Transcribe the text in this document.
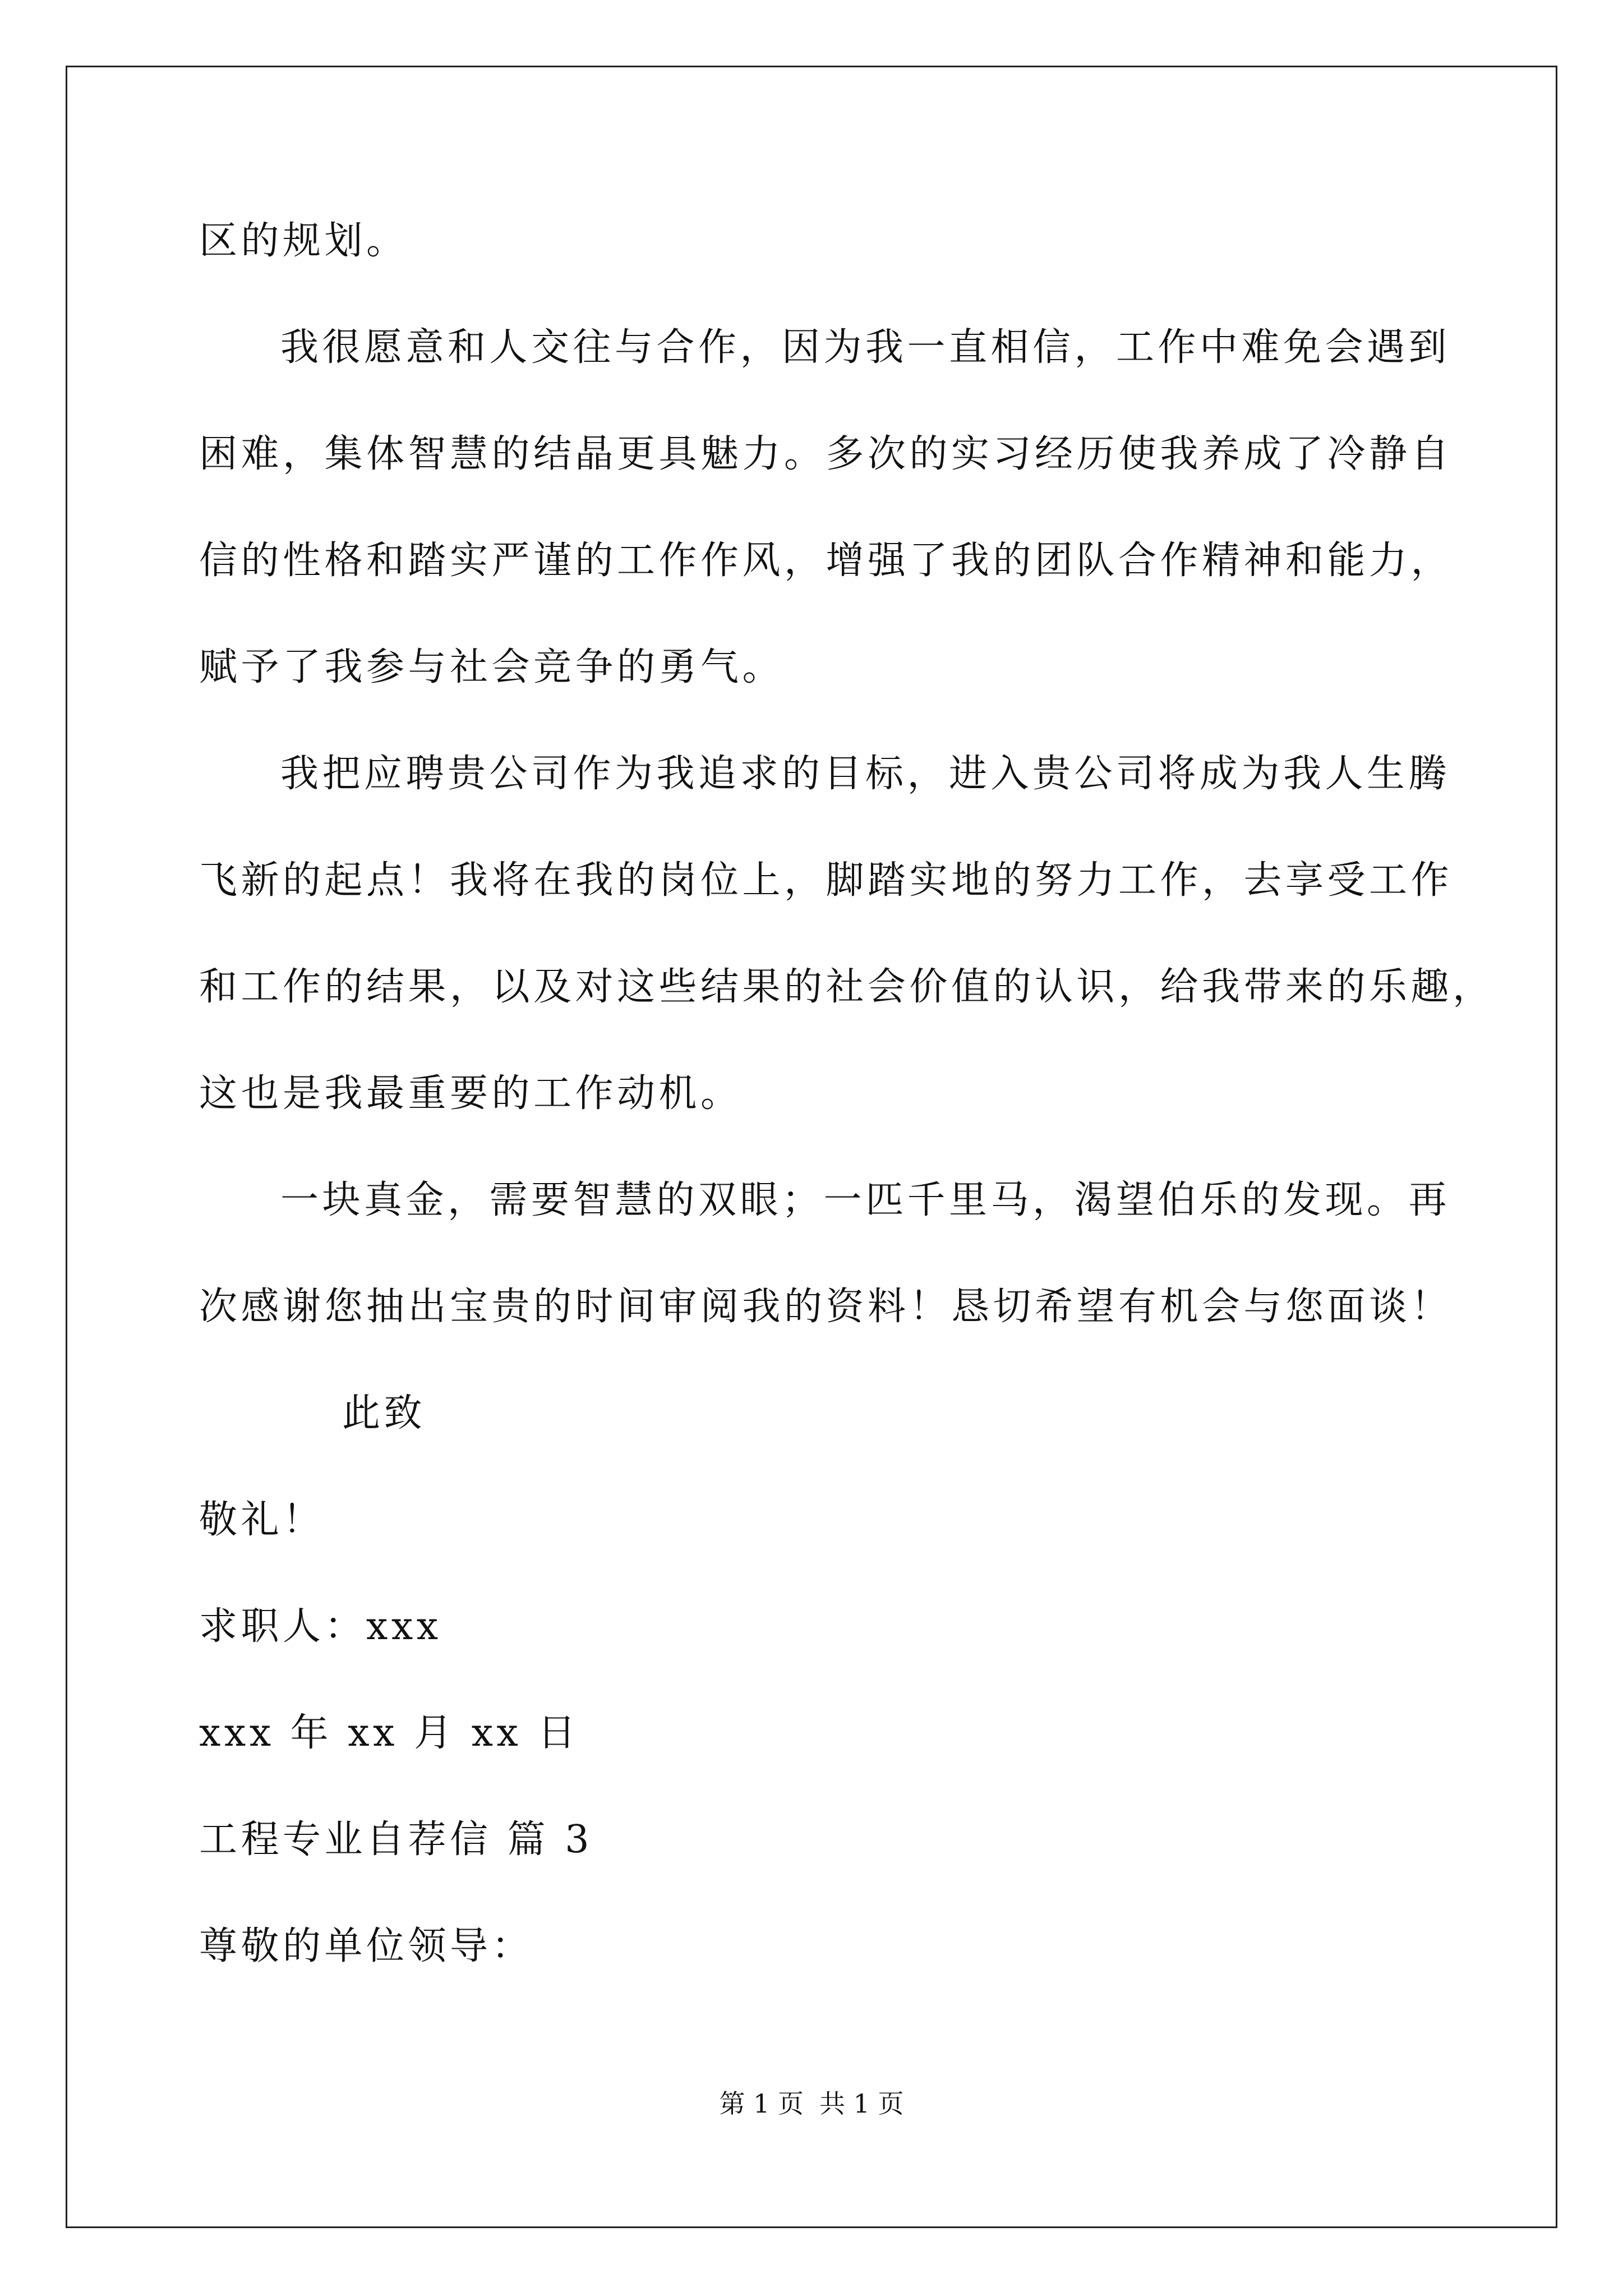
区的规划。
我很愿意和人交往与合作，因为我一直相信，工作中难免会遇到
困难，集体智慧的结晶更具魅力。多次的实习经历使我养成了冷静自
信的性格和踏实严谨的工作作风，增强了我的团队合作精神和能力，
赋予了我参与社会竞争的勇气。
我把应聘贵公司作为我追求的目标，进入贵公司将成为我人生腾
飞新的起点！我将在我的岗位上，脚踏实地的努力工作，去享受工作
和工作的结果，以及对这些结果的社会价值的认识，给我带来的乐趣，
这也是我最重要的工作动机。
一块真金，需要智慧的双眼；一匹千里马，渴望伯乐的发现。再
次感谢您抽出宝贵的时间审阅我的资料！恳切希望有机会与您面谈！
此致
敬礼！
求职人：xxx
xxx 年 xx 月 xx 日
工程专业自荐信 篇 3
尊敬的单位领导：
第 1 页 共 1 页
